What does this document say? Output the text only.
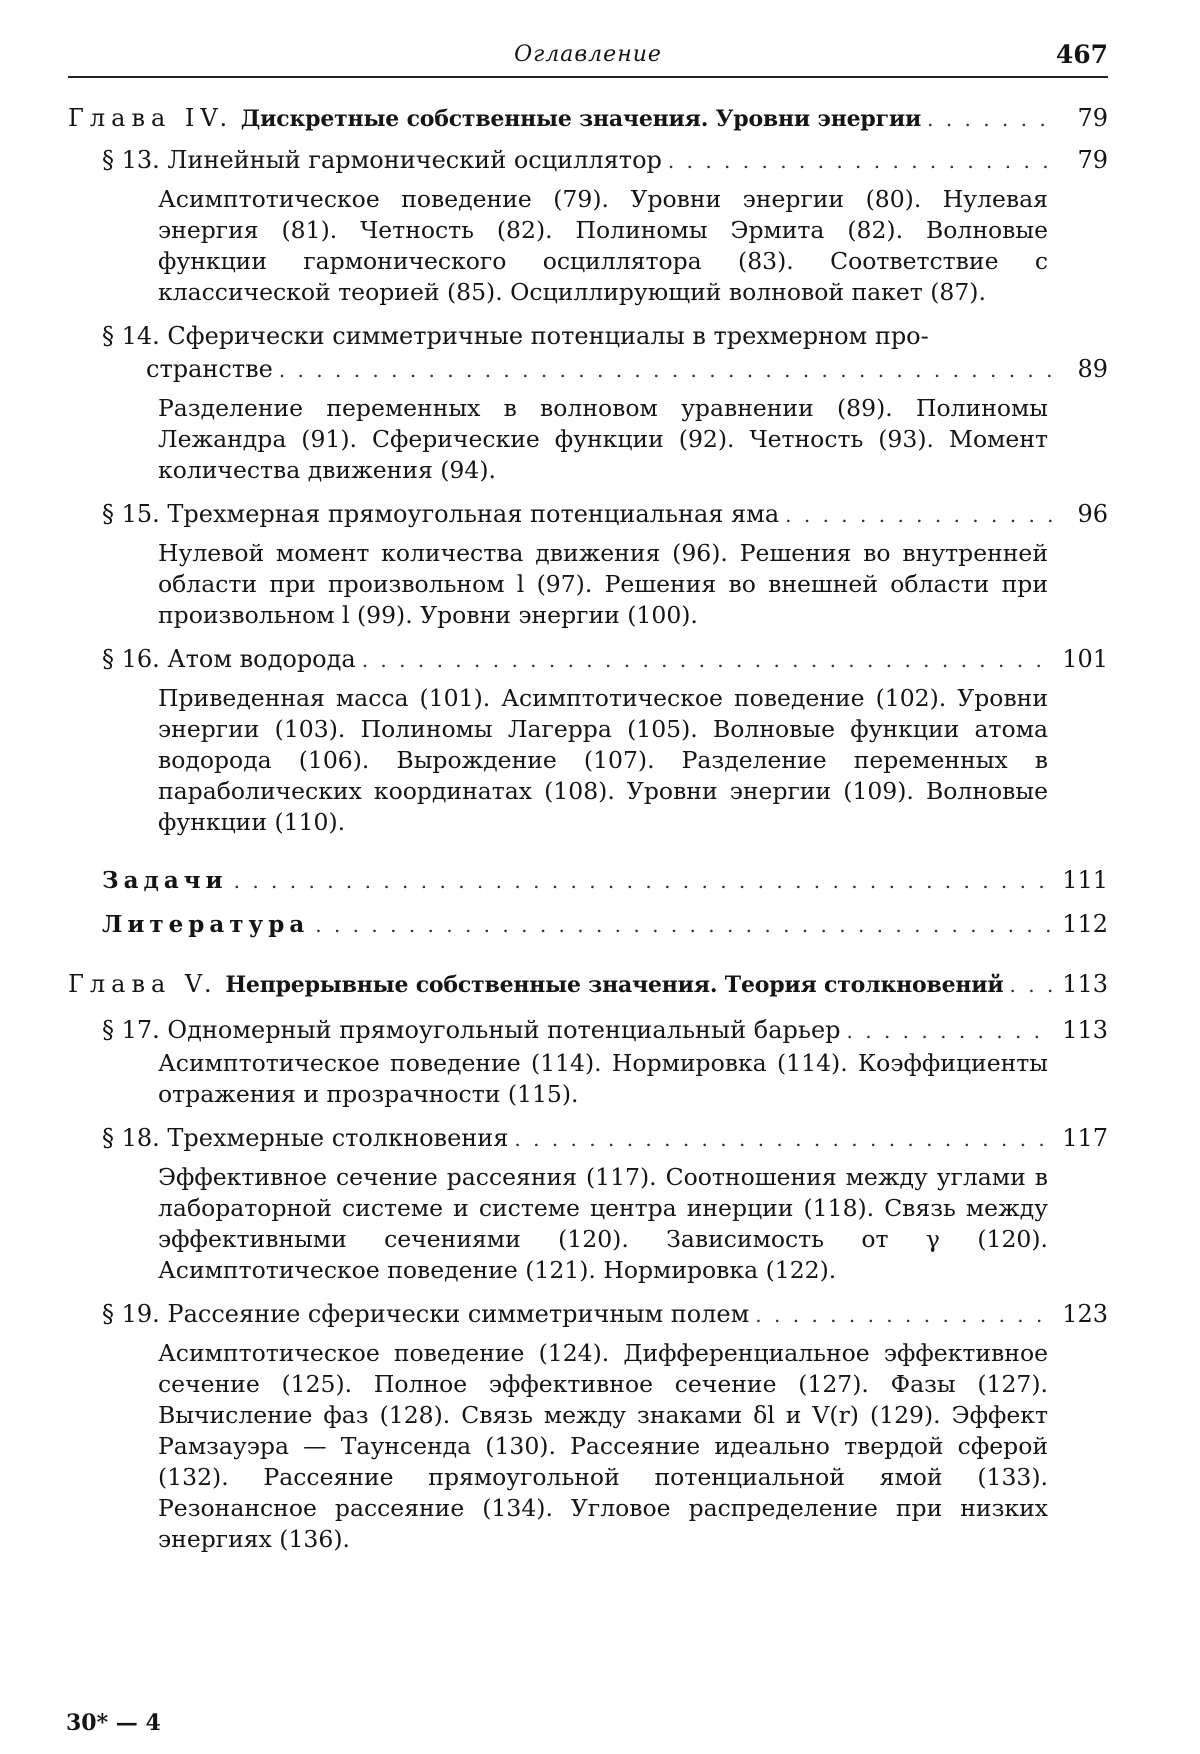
Оглавление	467
Глава IV.
Дискретные собственные значения. Уровни энергии . . .	79
§ 13. Линейный гармонический осциллятор . . .	79
Асимптотическое поведение (79). Уровни энергии (80). Нулевая энергия (81). Четность (82). Полиномы Эрмита (82). Волновые функции гармонического осциллятора (83). Соответствие с классической теорией (85). Осциллирующий волновой пакет (87).
§ 14. Сферически симметричные потенциалы в трехмерном про-
странстве . . .	89
Разделение переменных в волновом уравнении (89). Полиномы Лежандра (91). Сферические функции (92). Четность (93). Момент количества движения (94).
§ 15. Трехмерная прямоугольная потенциальная яма . . .	96
Нулевой момент количества движения (96). Решения во внутренней области при произвольном l (97). Решения во внешней области при произвольном l (99). Уровни энергии (100).
§ 16. Атом водорода . . .	101
Приведенная масса (101). Асимптотическое поведение (102). Уровни энергии (103). Полиномы Лагерра (105). Волновые функции атома водорода (106). Вырождение (107). Разделение переменных в параболических координатах (108). Уровни энергии (109). Волновые функции (110).
Задачи . . .	111
Литература . . .	112
Глава V.
Непрерывные собственные значения. Теория столкновений . . . 113
§ 17. Одномерный прямоугольный потенциальный барьер . . .	113
Асимптотическое поведение (114). Нормировка (114). Коэффициенты отражения и прозрачности (115).
§ 18. Трехмерные столкновения . . .	117
Эффективное сечение рассеяния (117). Соотношения между углами в лабораторной системе и системе центра инерции (118). Связь между эффективными сечениями (120). Зависимость от γ (120). Асимптотическое поведение (121). Нормировка (122).
§ 19. Рассеяние сферически симметричным полем . . .	123
Асимптотическое поведение (124). Дифференциальное эффективное сечение (125). Полное эффективное сечение (127). Фазы (127). Вычисление фаз (128). Связь между знаками δl и V(r) (129). Эффект Рамзауэра — Таунсенда (130). Рассеяние идеально твердой сферой (132). Рассеяние прямоугольной потенциальной ямой (133). Резонансное рассеяние (134). Угловое распределение при низких энергиях (136).
30* — 4
